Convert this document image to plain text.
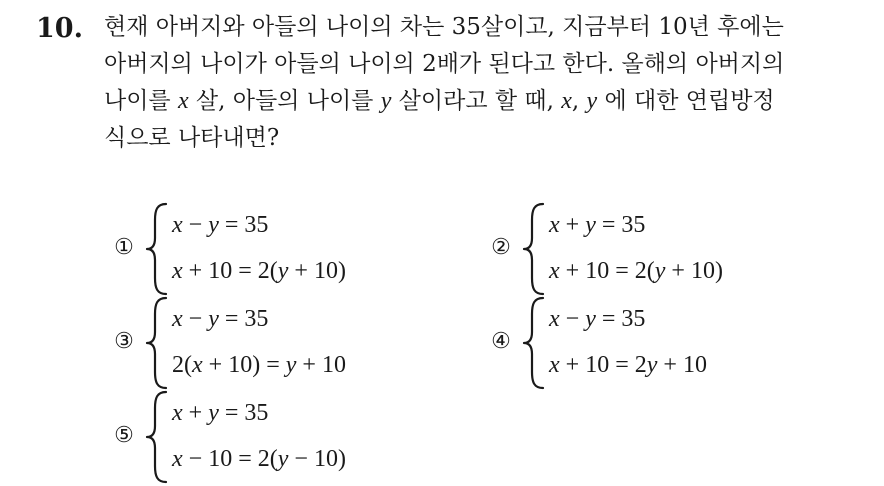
10. 현재 아버지와 아들의 나이의 차는 35살이고, 지금부터 10년 후에는
아버지의 나이가 아들의 나이의 2배가 된다고 한다. 올해의 아버지의
나이를 x 살, 아들의 나이를 y 살이라고 할 때, x, y 에 대한 연립방정
식으로 나타내면?
①
x − y = 35
x + 10 = 2(y + 10)
②
x + y = 35
x + 10 = 2(y + 10)
③
x − y = 35
2(x + 10) = y + 10
④
x − y = 35
x + 10 = 2y + 10
⑤
x + y = 35
x − 10 = 2(y − 10)
